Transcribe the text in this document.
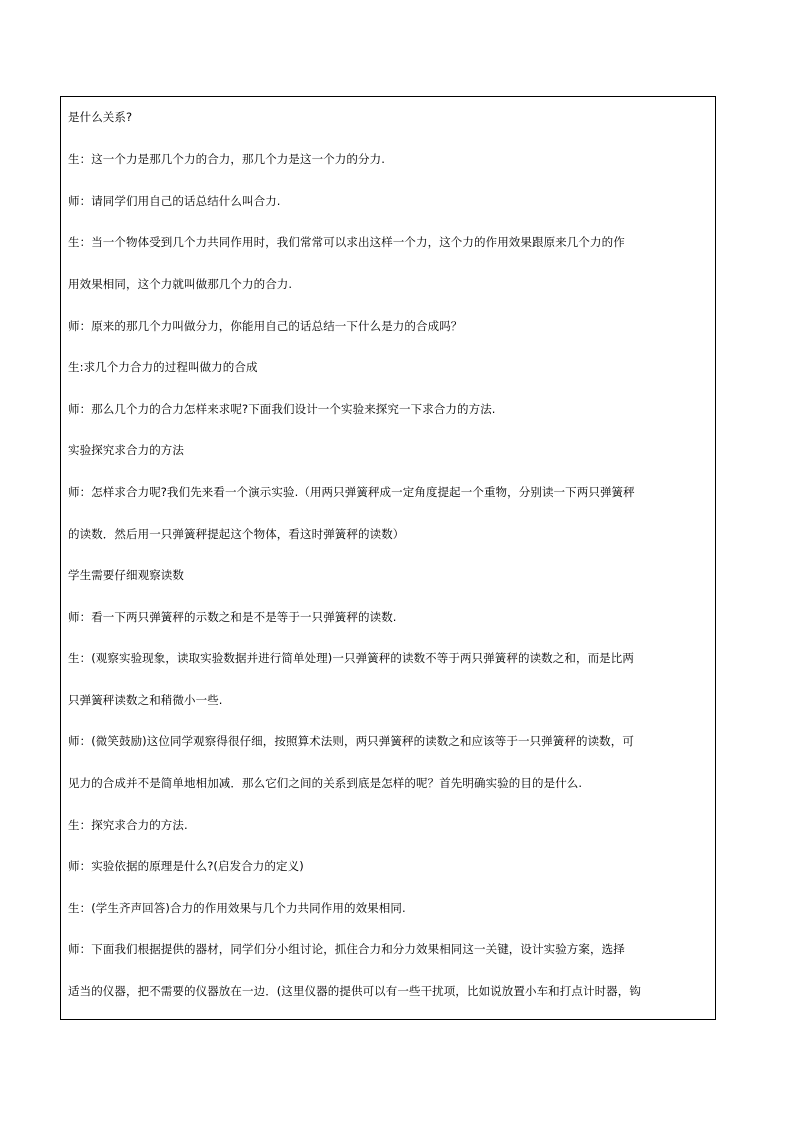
是什么关系?
生：这一个力是那几个力的合力，那几个力是这一个力的分力.
师：请同学们用自己的话总结什么叫合力.
生：当一个物体受到几个力共同作用时，我们常常可以求出这样一个力，这个力的作用效果跟原来几个力的作
用效果相同，这个力就叫做那几个力的合力.
师：原来的那几个力叫做分力，你能用自己的话总结一下什么是力的合成吗？
生:求几个力合力的过程叫做力的合成
师：那么几个力的合力怎样来求呢?下面我们设计一个实验来探究一下求合力的方法.
实验探究求合力的方法
师：怎样求合力呢?我们先来看一个演示实验.（用两只弹簧秤成一定角度提起一个重物，分别读一下两只弹簧秤
的读数．然后用一只弹簧秤提起这个物体，看这时弹簧秤的读数）
学生需要仔细观察读数
师：看一下两只弹簧秤的示数之和是不是等于一只弹簧秤的读数.
生：(观察实验现象，读取实验数据并进行简单处理)一只弹簧秤的读数不等于两只弹簧秤的读数之和，而是比两
只弹簧秤读数之和稍微小一些.
师：(微笑鼓励)这位同学观察得很仔细，按照算术法则，两只弹簧秤的读数之和应该等于一只弹簧秤的读数，可
见力的合成并不是简单地相加减．那么它们之间的关系到底是怎样的呢？首先明确实验的目的是什么.
生：探究求合力的方法.
师：实验依据的原理是什么?(启发合力的定义)
生：(学生齐声回答)合力的作用效果与几个力共同作用的效果相同.
师：下面我们根据提供的器材，同学们分小组讨论，抓住合力和分力效果相同这一关键，设计实验方案，选择
适当的仪器，把不需要的仪器放在一边．(这里仪器的提供可以有一些干扰项，比如说放置小车和打点计时器，钩
